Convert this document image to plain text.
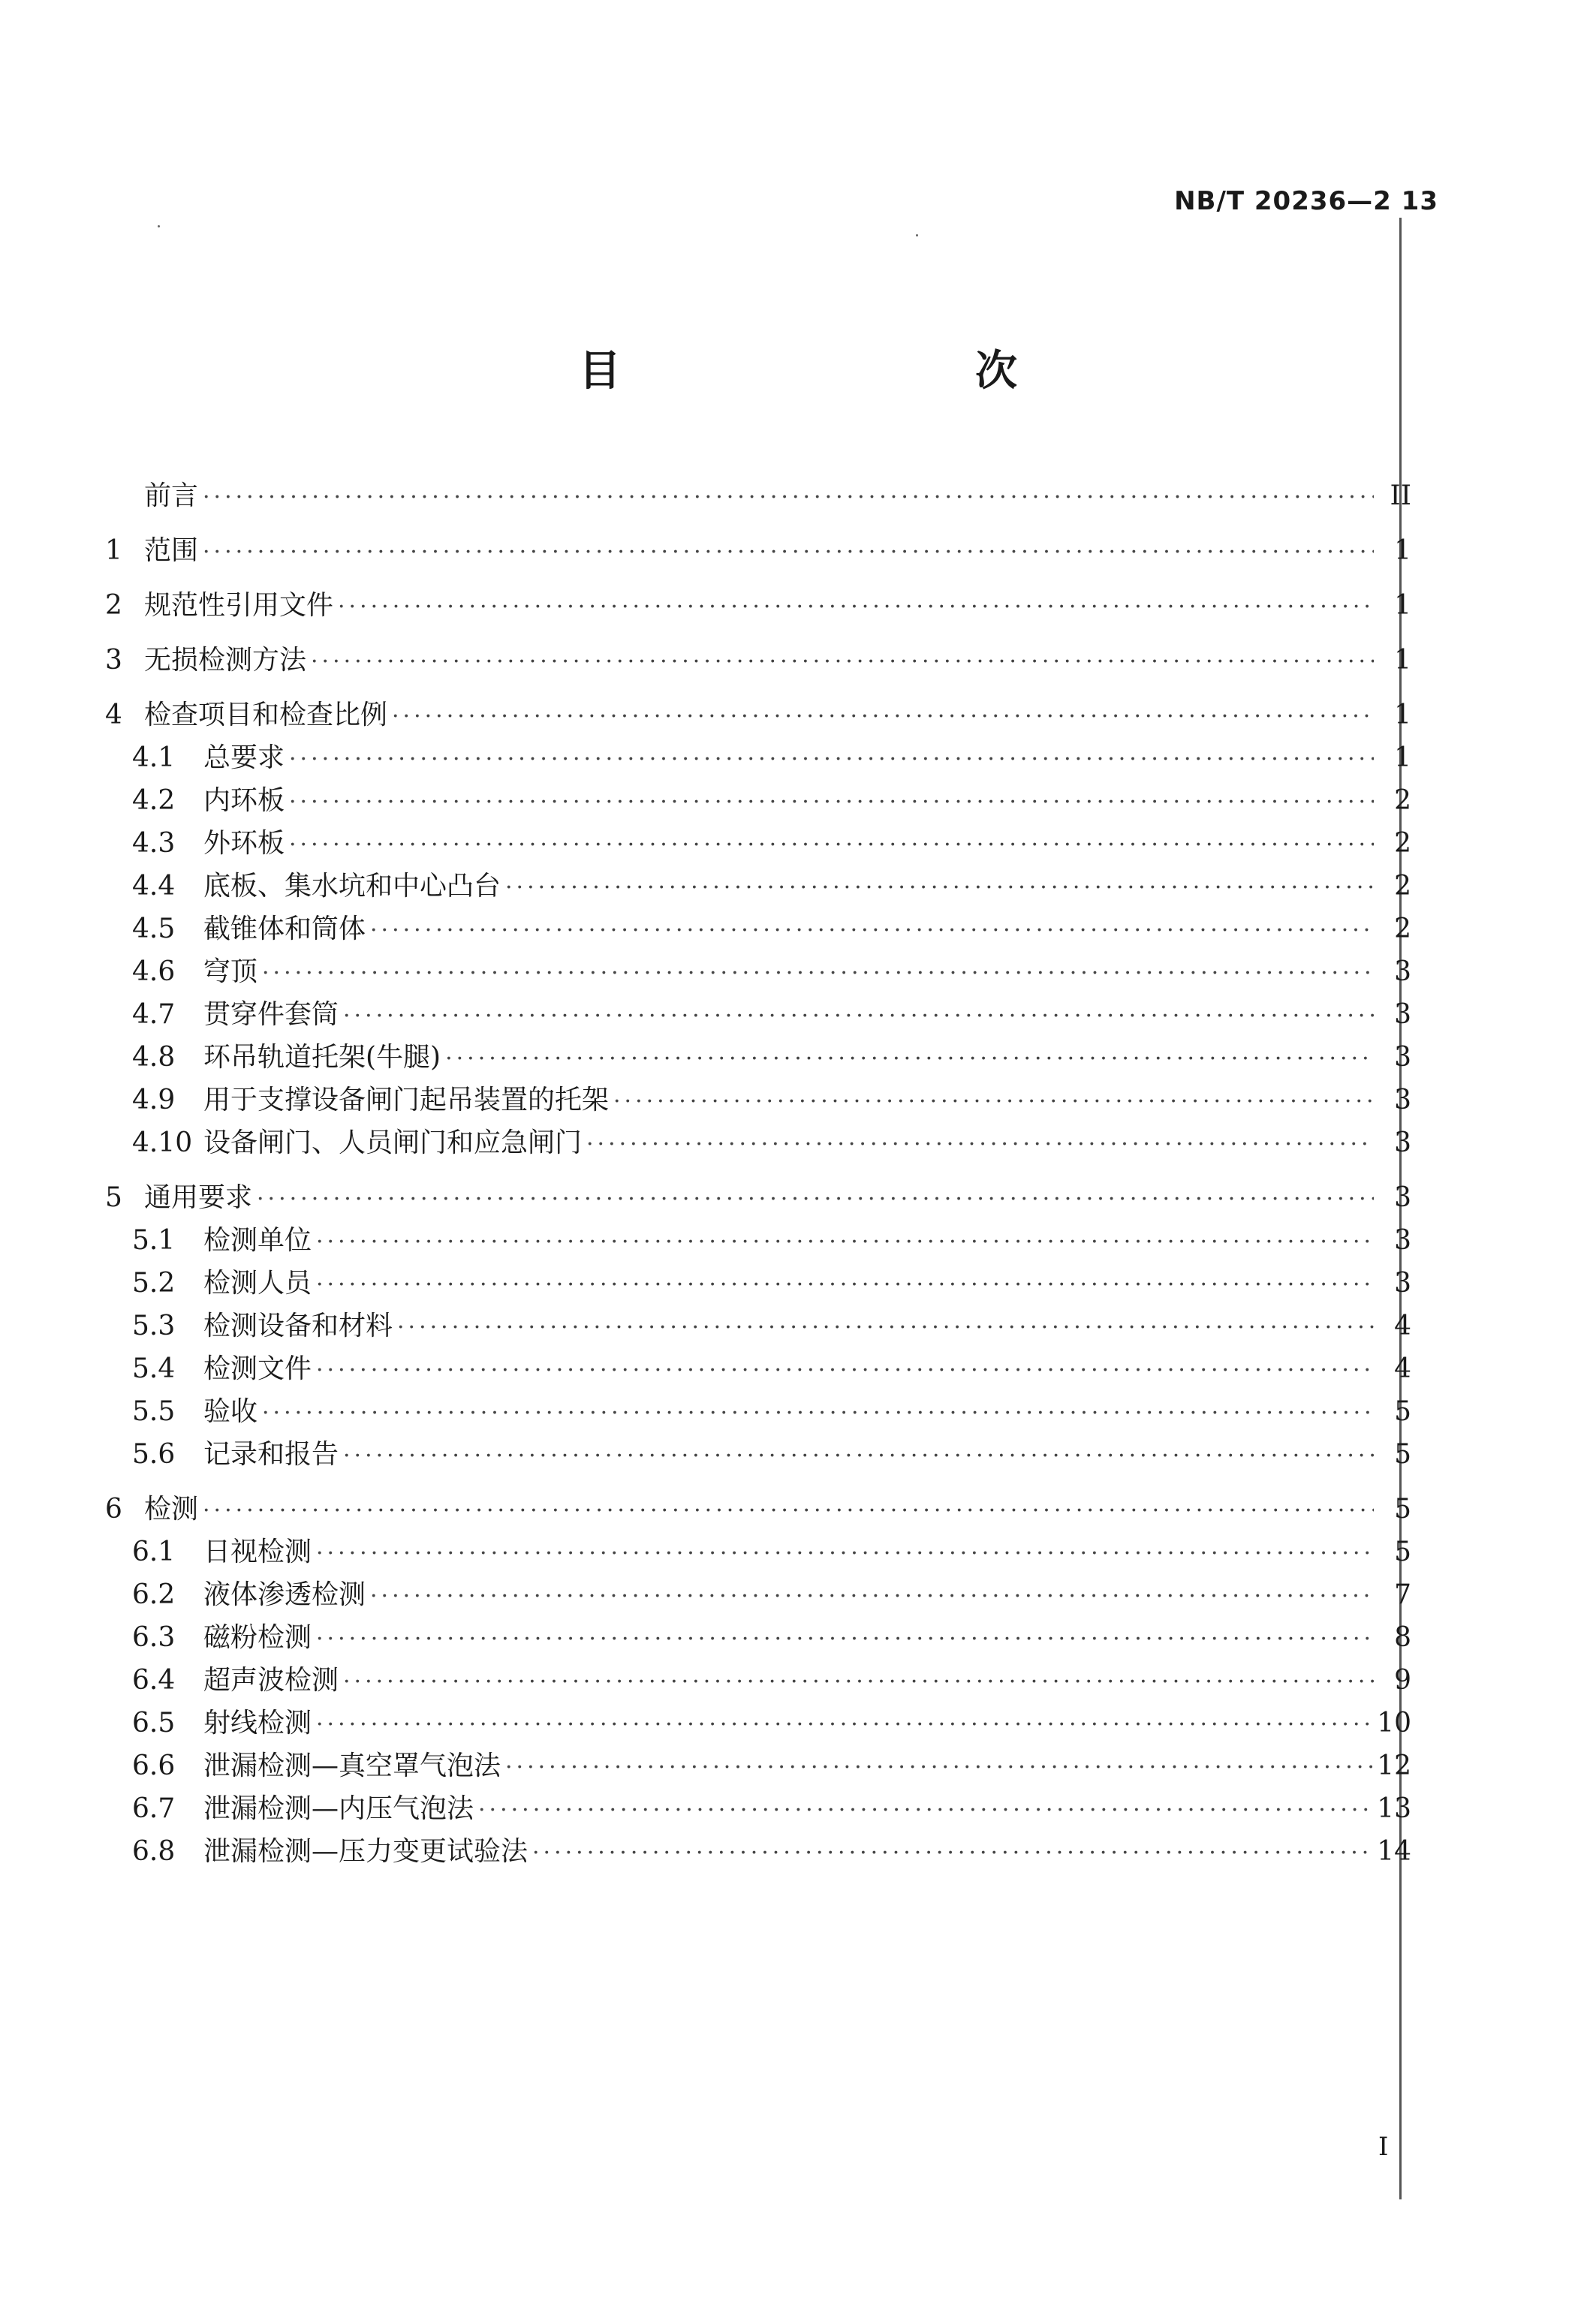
NB/T 20236—2 13
目　　次
前言 ·····	II
1 范围 ·····	1
2 规范性引用文件 ·····	1
3 无损检测方法 ·····	1
4 检查项目和检查比例 ·····	1
4.1	总要求 ·····	1
4.2	内环板 ·····	2
4.3	外环板 ·····	2
4.4	底板、集水坑和中心凸台 ·····	2
4.5	截锥体和筒体 ·····	2
4.6	穹顶 ·····	3
4.7	贯穿件套筒 ·····	3
4.8	环吊轨道托架(牛腿) ·····	3
4.9	用于支撑设备闸门起吊装置的托架 ·····	3
4.10 设备闸门、人员闸门和应急闸门 ·····	3
5 通用要求 ·····	3
5.1	检测单位 ·····	3
5.2	检测人员 ·····	3
5.3	检测设备和材料 ·····	4
5.4	检测文件 ·····	4
5.5	验收 ·····	5
5.6	记录和报告 ·····	5
6 检测 ·····	5
6.1	日视检测 ·····	5
6.2	液体渗透检测 ·····	7
6.3	磁粉检测 ·····	8
6.4	超声波检测 ·····	9
6.5	射线检测 ·····	10
6.6	泄漏检测—真空罩气泡法 ·····	12
6.7	泄漏检测—内压气泡法 ·····	13
6.8	泄漏检测—压力变更试验法 ·····	14
I
